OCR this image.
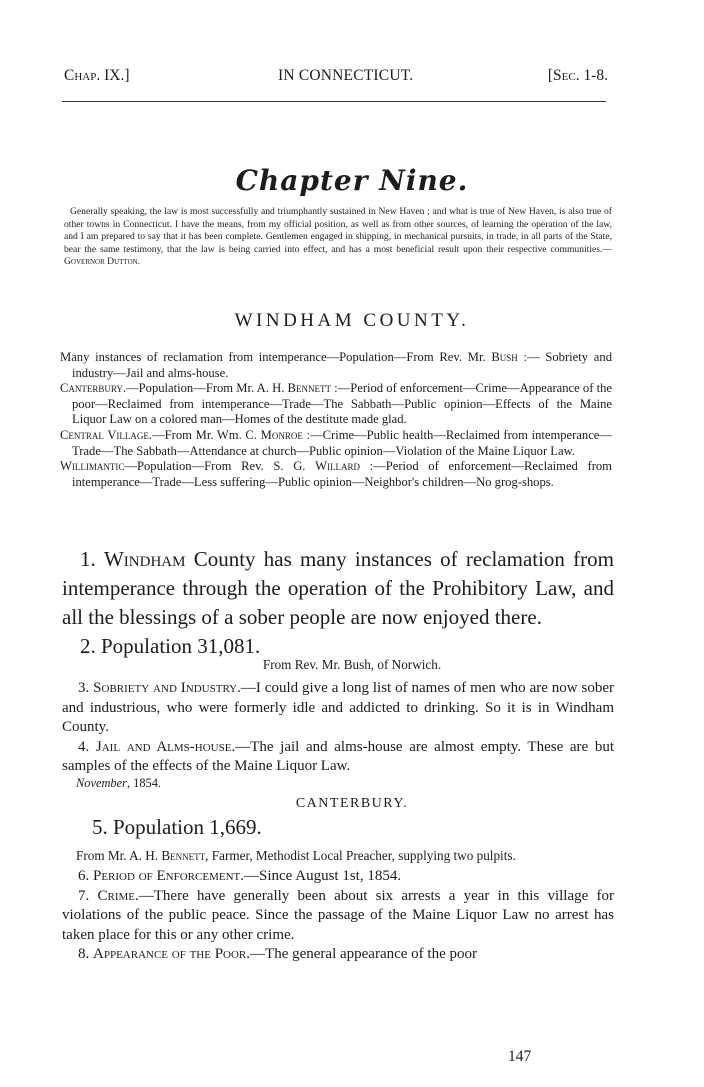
Chap. IX.]	IN CONNECTICUT.	[Sec. 1-8.
Chapter Nine.
Generally speaking, the law is most successfully and triumphantly sustained in New Haven ; and what is true of New Haven, is also true of other towns in Connecticut. I have the means, from my official position, as well as from other sources, of learning the operation of the law, and I am prepared to say that it has been complete. Gentlemen engaged in shipping, in mechanical pursuits, in trade, in all parts of the State, bear the same testimony, that the law is being carried into effect, and has a most beneficial result upon their respective communities.—Governor Dutton.
WINDHAM COUNTY.

Many instances of reclamation from intemperance—Population—From Rev. Mr. Bush :— Sobriety and industry—Jail and alms-house.

Canterbury.—Population—From Mr. A. H. Bennett :—Period of enforcement—Crime—Appearance of the poor—Reclaimed from intemperance—Trade—The Sabbath—Public opinion—Effects of the Maine Liquor Law on a colored man—Homes of the destitute made glad.

Central Village.—From Mr. Wm. C. Monroe :—Crime—Public health—Reclaimed from intemperance—Trade—The Sabbath—Attendance at church—Public opinion—Violation of the Maine Liquor Law.

Willimantic—Population—From Rev. S. G. Willard :—Period of enforcement—Reclaimed from intemperance—Trade—Less suffering—Public opinion—Neighbor's children—No grog-shops.

1. Windham County has many instances of reclamation from intemperance through the operation of the Prohibitory Law, and all the blessings of a sober people are now enjoyed there.

2. Population 31,081.

From Rev. Mr. Bush, of Norwich.

3. Sobriety and Industry.—I could give a long list of names of men who are now sober and industrious, who were formerly idle and addicted to drinking. So it is in Windham County.

4. Jail and Alms-house.—The jail and alms-house are almost empty. These are but samples of the effects of the Maine Liquor Law.

November, 1854.
CANTERBURY.
5. Population 1,669.
From Mr. A. H. Bennett, Farmer, Methodist Local Preacher, supplying two pulpits.

6. Period of Enforcement.—Since August 1st, 1854.

7. Crime.—There have generally been about six arrests a year in this village for violations of the public peace. Since the passage of the Maine Liquor Law no arrest has taken place for this or any other crime.

8. Appearance of the Poor.—The general appearance of the poor

147
